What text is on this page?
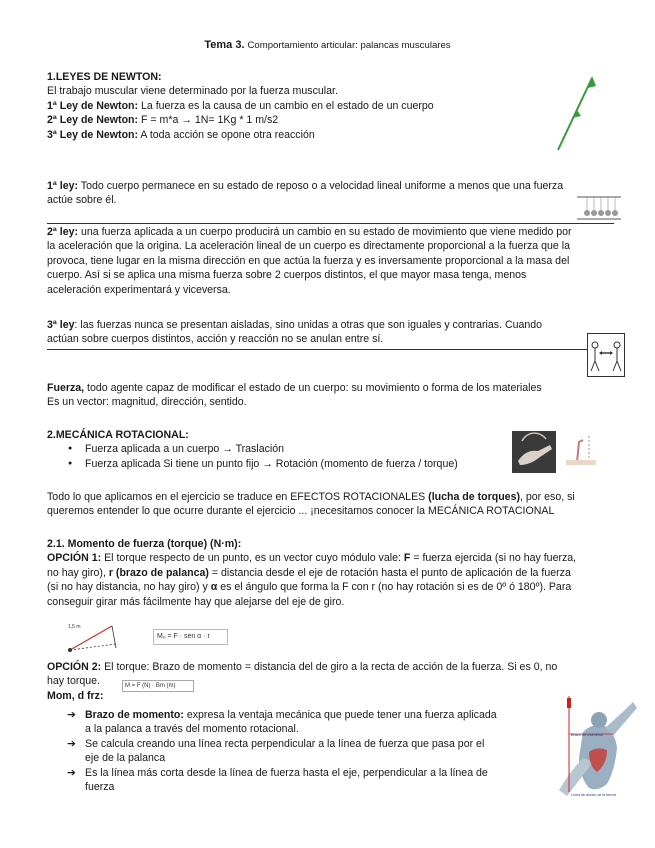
Tema 3. Comportamiento articular: palancas musculares
1.LEYES DE NEWTON:
El trabajo muscular viene determinado por la fuerza muscular.
1ª Ley de Newton: La fuerza es la causa de un cambio en el estado de un cuerpo
2ª Ley de Newton: F = m*a → 1N= 1Kg * 1 m/s2
3ª Ley de Newton: A toda acción se opone otra reacción
1ª ley: Todo cuerpo permanece en su estado de reposo o a velocidad lineal uniforme a menos que una fuerza
actúe sobre él.
2ª ley: una fuerza aplicada a un cuerpo producirá un cambio en su estado de movimiento que viene medido por
la aceleración que la origina. La aceleración lineal de un cuerpo es directamente proporcional a la fuerza que la
provoca, tiene lugar en la misma dirección en que actúa la fuerza y es inversamente proporcional a la masa del
cuerpo. Así si se aplica una misma fuerza sobre 2 cuerpos distintos, el que mayor masa tenga, menos
aceleración experimentará y viceversa.
3ª ley: las fuerzas nunca se presentan aisladas, sino unidas a otras que son iguales y contrarias. Cuando
actúan sobre cuerpos distintos, acción y reacción no se anulan entre sí.
Fuerza, todo agente capaz de modificar el estado de un cuerpo: su movimiento o forma de los materiales
Es un vector: magnitud, dirección, sentido.
2.MECÁNICA ROTACIONAL:
● Fuerza aplicada a un cuerpo → Traslación
● Fuerza aplicada Si tiene un punto fijo → Rotación (momento de fuerza / torque)
Todo lo que aplicamos en el ejercicio se traduce en EFECTOS ROTACIONALES (lucha de torques), por eso, si
queremos entender lo que ocurre durante el ejercicio ... ¡necesitamos conocer la MECÁNICA ROTACIONAL
2.1. Momento de fuerza (torque) (N·m):
OPCIÓN 1: El torque respecto de un punto, es un vector cuyo módulo vale: F = fuerza ejercida (si no hay fuerza,
no hay giro), r (brazo de palanca) = distancia desde el eje de rotación hasta el punto de aplicación de la fuerza
(si no hay distancia, no hay giro) y α es el ángulo que forma la F con r (no hay rotación si es de 0º ó 180º). Para
conseguir girar más fácilmente hay que alejarse del eje de giro.
1,5 m
Mₒ = F · sen α · r
OPCIÓN 2: El torque: Brazo de momento = distancia del de giro a la recta de acción de la fuerza. Si es 0, no
hay torque.
Mom, d frz:
M = F (N) · Bm (m)
➔ Brazo de momento: expresa la ventaja mecánica que puede tener una fuerza aplicada
a la palanca a través del momento rotacional.
➔ Se calcula creando una línea recta perpendicular a la línea de fuerza que pasa por el
eje de la palanca
➔ Es la línea más corta desde la línea de fuerza hasta el eje, perpendicular a la línea de
fuerza
Brazo de momento
Línea de acción de la fuerza
